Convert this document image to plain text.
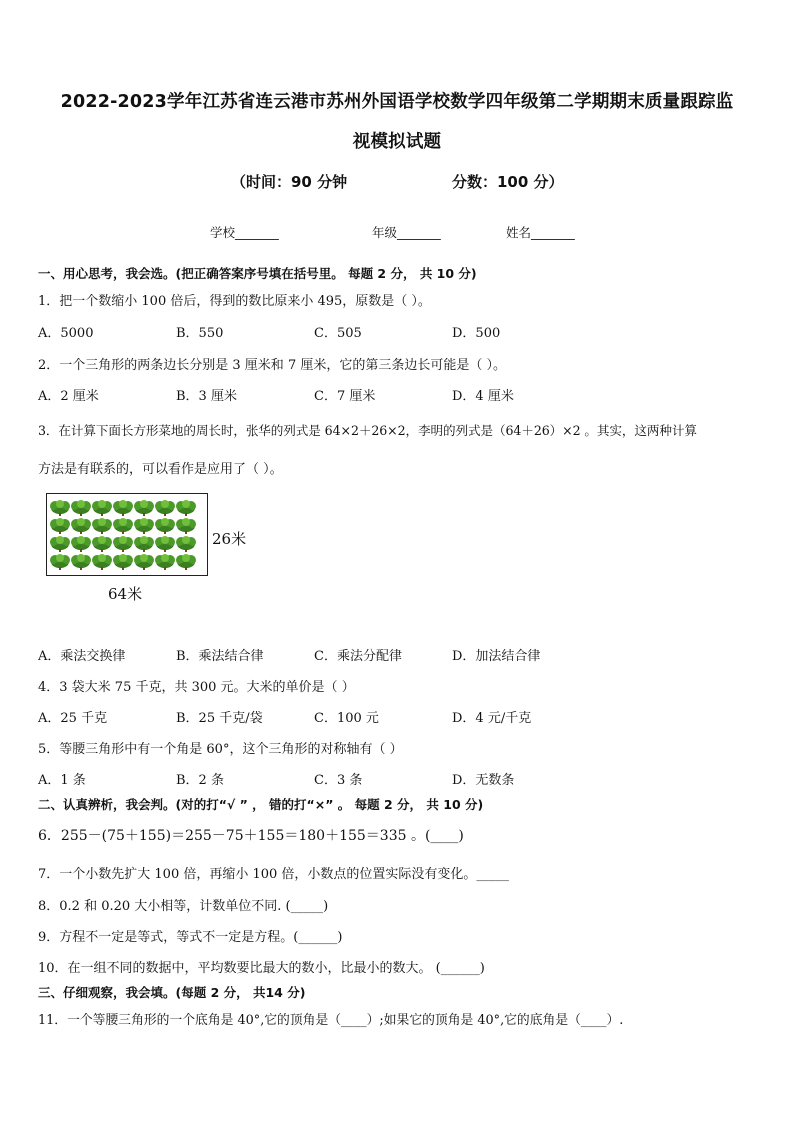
2022-2023学年江苏省连云港市苏州外国语学校数学四年级第二学期期末质量跟踪监
视模拟试题
（时间：90 分钟	分数：100 分）
学校_______	年级_______	姓名_______
一、用心思考，我会选。(把正确答案序号填在括号里。 每题 2 分， 共 10 分)
1．把一个数缩小 100 倍后，得到的数比原来小 495，原数是（ ）。
A．5000	B．550	C．505	D．500
2．一个三角形的两条边长分别是 3 厘米和 7 厘米，它的第三条边长可能是（ ）。
A．2 厘米	B．3 厘米	C．7 厘米	D．4 厘米
3．在计算下面长方形菜地的周长时，张华的列式是 64×2＋26×2，李明的列式是（64＋26）×2 。其实，这两种计算
方法是有联系的，可以看作是应用了（ ）。
26米
64米
A．乘法交换律	B．乘法结合律	C．乘法分配律	D．加法结合律
4．3 袋大米 75 千克，共 300 元。大米的单价是（ ）
A．25 千克	B．25 千克/袋	C．100 元	D．4 元/千克
5．等腰三角形中有一个角是 60°，这个三角形的对称轴有（ ）
A．1 条	B．2 条	C．3 条	D．无数条
二、认真辨析，我会判。(对的打“√ ” ， 错的打“×” 。 每题 2 分， 共 10 分)
6．255－(75＋155)＝255－75＋155＝180＋155＝335 。(____)
7．一个小数先扩大 100 倍，再缩小 100 倍，小数点的位置实际没有变化。_____
8．0.2 和 0.20 大小相等，计数单位不同. (_____)
9．方程不一定是等式，等式不一定是方程。(______)
10．在一组不同的数据中，平均数要比最大的数小，比最小的数大。 (______)
三、仔细观察，我会填。(每题 2 分， 共14 分)
11．一个等腰三角形的一个底角是 40°,它的顶角是（____）;如果它的顶角是 40°,它的底角是（____）.
